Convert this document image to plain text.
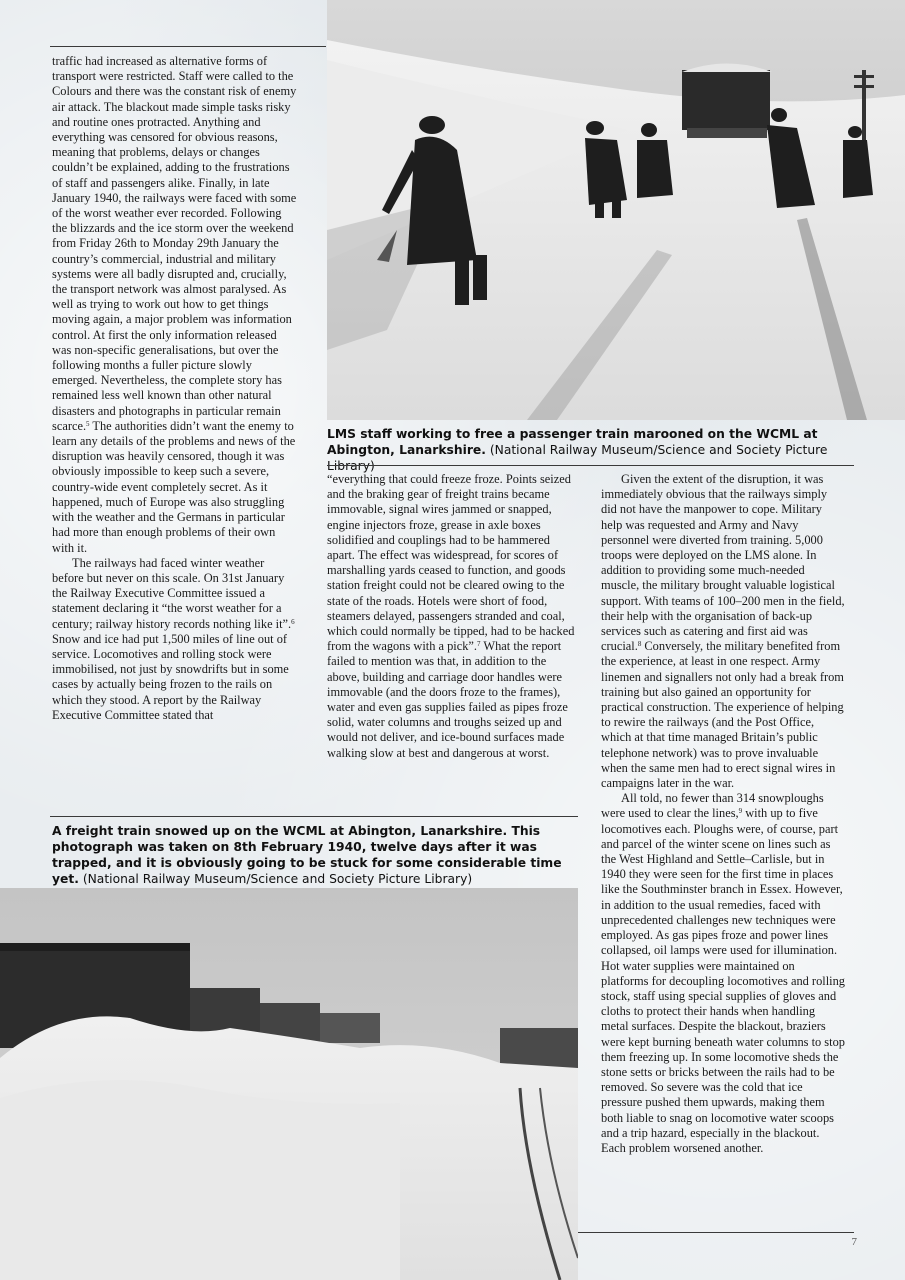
traffic had increased as alternative forms of transport were restricted. Staff were called to the Colours and there was the constant risk of enemy air attack. The blackout made simple tasks risky and routine ones protracted. Anything and everything was censored for obvious reasons, meaning that problems, delays or changes couldn’t be explained, adding to the frustrations of staff and passengers alike. Finally, in late January 1940, the railways were faced with some of the worst weather ever recorded. Following the blizzards and the ice storm over the weekend from Friday 26th to Monday 29th January the country’s commercial, industrial and military systems were all badly disrupted and, crucially, the transport network was almost paralysed. As well as trying to work out how to get things moving again, a major problem was information control. At first the only information released was non-specific generalisations, but over the following months a fuller picture slowly emerged. Nevertheless, the complete story has remained less well known than other natural disasters and photographs in particular remain scarce.$^5$ The authorities didn’t want the enemy to learn any details of the problems and news of the disruption was heavily censored, though it was obviously impossible to keep such a severe, country-wide event completely secret. As it happened, much of Europe was also struggling with the weather and the Germans in particular had more than enough problems of their own with it.

The railways had faced winter weather before but never on this scale. On 31st January the Railway Executive Committee issued a statement declaring it “the worst weather for a century; railway history records nothing like it”.$^6$ Snow and ice had put 1,500 miles of line out of service. Locomotives and rolling stock were immobilised, not just by snowdrifts but in some cases by actually being frozen to the rails on which they stood. A report by the Railway Executive Committee stated that

LMS staff working to free a passenger train marooned on the WCML at Abington, Lanarkshire. (National Railway Museum/Science and Society Picture Library)

“everything that could freeze froze. Points seized and the braking gear of freight trains became immovable, signal wires jammed or snapped, engine injectors froze, grease in axle boxes solidified and couplings had to be hammered apart. The effect was widespread, for scores of marshalling yards ceased to function, and goods station freight could not be cleared owing to the state of the roads. Hotels were short of food, steamers delayed, passengers stranded and coal, which could normally be tipped, had to be hacked from the wagons with a pick”.$^7$ What the report failed to mention was that, in addition to the above, building and carriage door handles were immovable (and the doors froze to the frames), water and even gas supplies failed as pipes froze solid, water columns and troughs seized up and would not deliver, and ice-bound surfaces made walking slow at best and dangerous at worst.

Given the extent of the disruption, it was immediately obvious that the railways simply did not have the manpower to cope. Military help was requested and Army and Navy personnel were diverted from training. 5,000 troops were deployed on the LMS alone. In addition to providing some much-needed muscle, the military brought valuable logistical support. With teams of 100–200 men in the field, their help with the organisation of back-up services such as catering and first aid was crucial.$^8$ Conversely, the military benefited from the experience, at least in one respect. Army linemen and signallers not only had a break from training but also gained an opportunity for practical construction. The experience of helping to rewire the railways (and the Post Office, which at that time managed Britain’s public telephone network) was to prove invaluable when the same men had to erect signal wires in campaigns later in the war.

All told, no fewer than 314 snowploughs were used to clear the lines,$^9$ with up to five locomotives each. Ploughs were, of course, part and parcel of the winter scene on lines such as the West Highland and Settle–Carlisle, but in 1940 they were seen for the first time in places like the Southminster branch in Essex. However, in addition to the usual remedies, faced with unprecedented challenges new techniques were employed. As gas pipes froze and power lines collapsed, oil lamps were used for illumination. Hot water supplies were maintained on platforms for decoupling locomotives and rolling stock, staff using special supplies of gloves and cloths to protect their hands when handling metal surfaces. Despite the blackout, braziers were kept burning beneath water columns to stop them freezing up. In some locomotive sheds the stone setts or bricks between the rails had to be removed. So severe was the cold that ice pressure pushed them upwards, making them both liable to snag on locomotive water scoops and a trip hazard, especially in the blackout. Each problem worsened another.

A freight train snowed up on the WCML at Abington, Lanarkshire. This photograph was taken on 8th February 1940, twelve days after it was trapped, and it is obviously going to be stuck for some considerable time yet. (National Railway Museum/Science and Society Picture Library)
7
